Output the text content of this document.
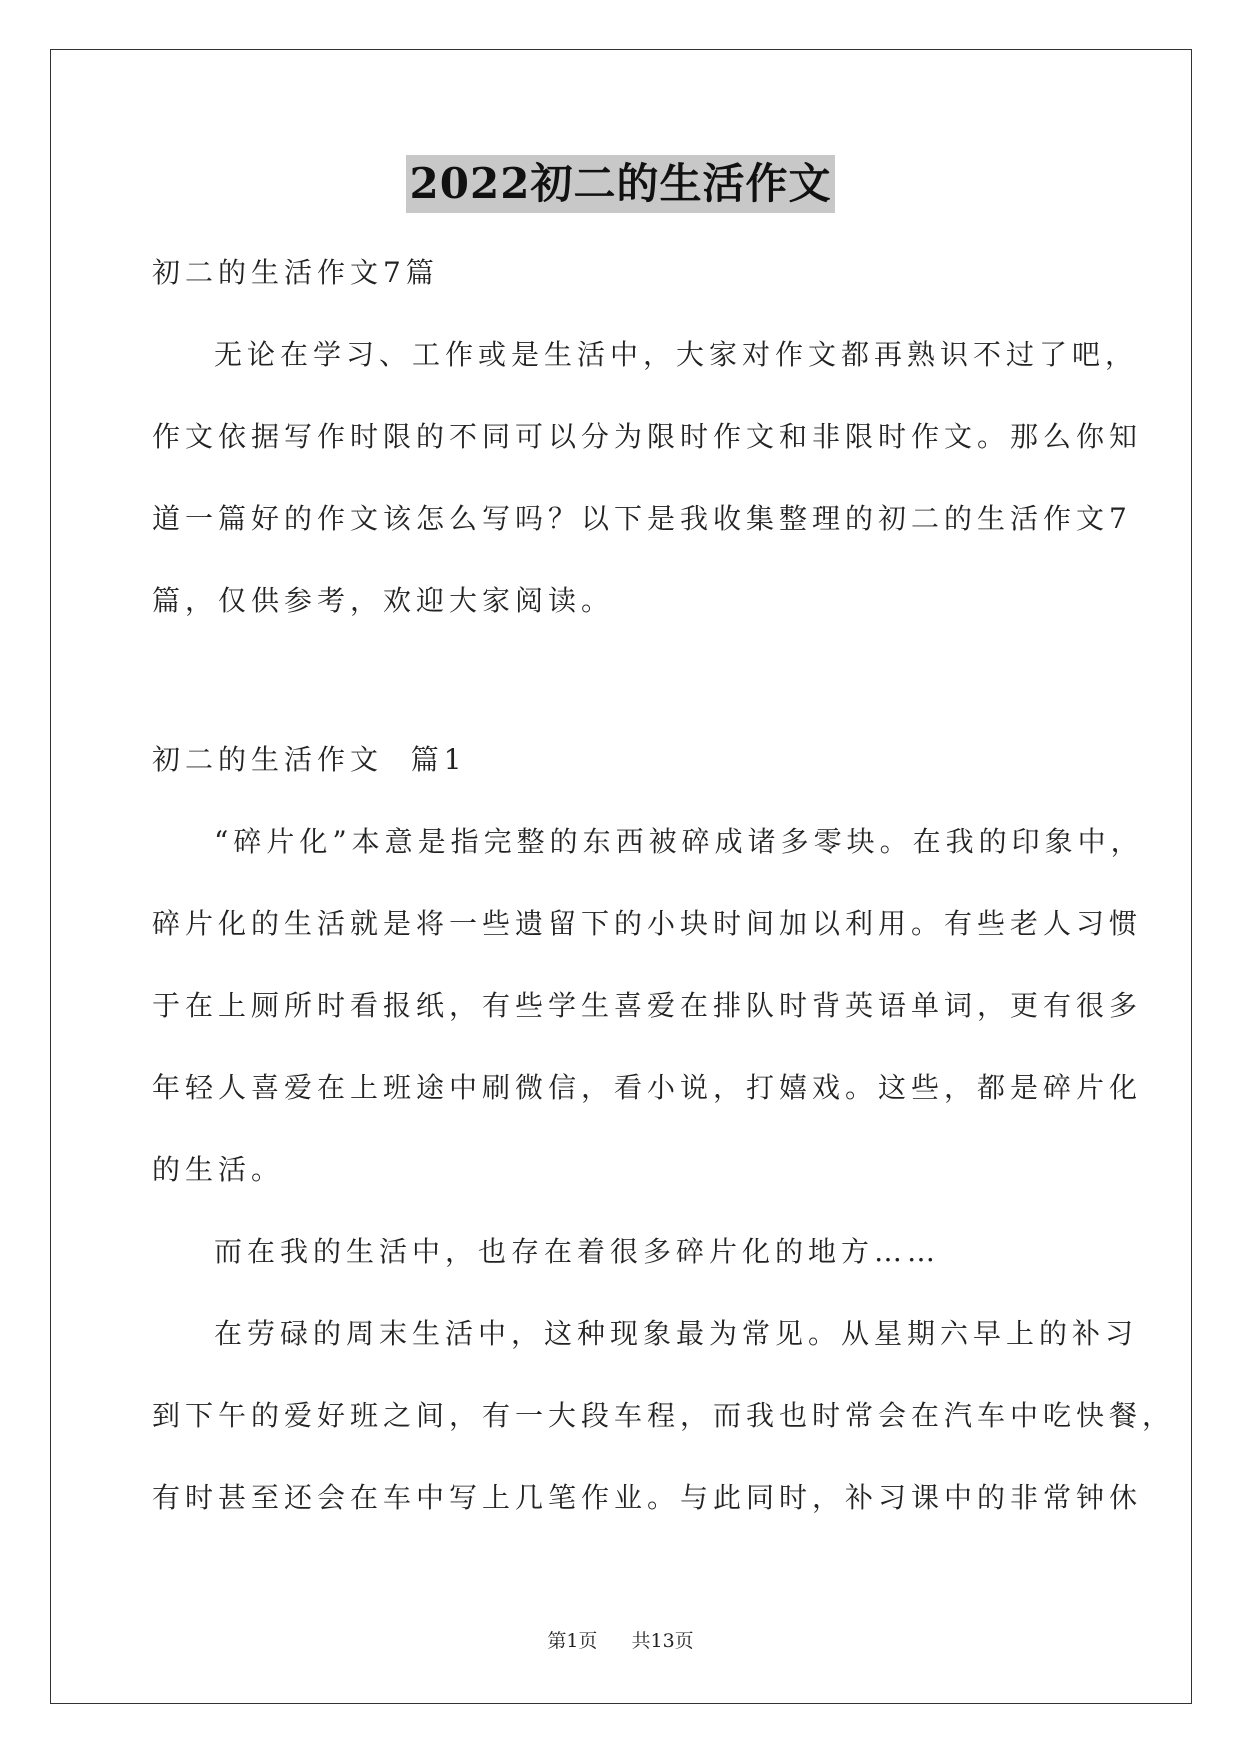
2022初二的生活作文
初二的生活作文7篇
无论在学习、工作或是生活中，大家对作文都再熟识不过了吧，
作文依据写作时限的不同可以分为限时作文和非限时作文。那么你知
道一篇好的作文该怎么写吗？以下是我收集整理的初二的生活作文7
篇，仅供参考，欢迎大家阅读。
初二的生活作文  篇1
“碎片化”本意是指完整的东西被碎成诸多零块。在我的印象中，
碎片化的生活就是将一些遗留下的小块时间加以利用。有些老人习惯
于在上厕所时看报纸，有些学生喜爱在排队时背英语单词，更有很多
年轻人喜爱在上班途中刷微信，看小说，打嬉戏。这些，都是碎片化
的生活。
而在我的生活中，也存在着很多碎片化的地方……
在劳碌的周末生活中，这种现象最为常见。从星期六早上的补习
到下午的爱好班之间，有一大段车程，而我也时常会在汽车中吃快餐，
有时甚至还会在车中写上几笔作业。与此同时，补习课中的非常钟休
第1页 共13页
